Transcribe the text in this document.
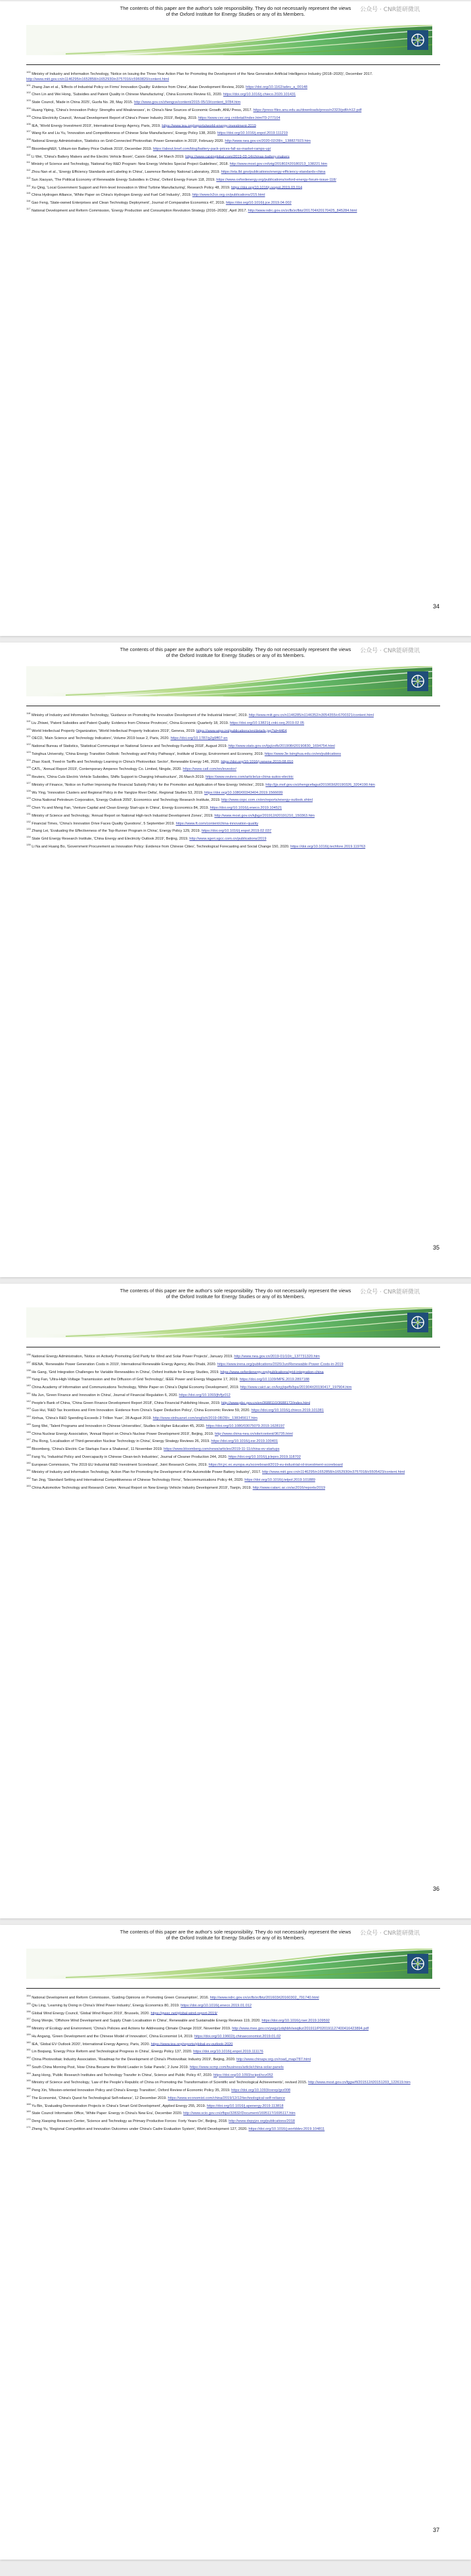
The contents of this paper are the author's sole responsibility. They do not necessarily represent the views
of the Oxford Institute for Energy Studies or any of its Members.
公众号 · CNR能研微讯

$^{100}$ Ministry of Industry and Information Technology, 'Notice on Issuing the Three-Year Action Plan for Promoting the Development of the New Generation Artificial Intelligence Industry (2018–2020)', December 2017. http://www.miit.gov.cn/n1146295/n1652858/n1652930/n3757016/c5960820/content.html

$^{101}$ Zhang Jian et al., 'Effects of Industrial Policy on Firms' Innovation Quality: Evidence from China', Asian Development Review, 2020. https://doi.org/10.1162/adev_a_00148

$^{102}$ Chen Lin and Wei Hong, 'Subsidies and Patent Quality in Chinese Manufacturing', China Economic Review 61, 2020. https://doi.org/10.1016/j.chieco.2020.101431

$^{103}$ State Council, 'Made in China 2025', Guofa No. 28, May 2015. http://www.gov.cn/zhengce/content/2015-05/19/content_9784.htm

$^{104}$ Huang Yiping, 'China's Innovation Policy: Strengths and Weaknesses', in: China's New Sources of Economic Growth, ANU Press, 2017. https://press-files.anu.edu.au/downloads/press/n2323/pdf/ch12.pdf

$^{105}$ China Electricity Council, 'Annual Development Report of China's Power Industry 2019', Beijing, 2019. https://www.cec.org.cn/detail/index.html?3-277104

$^{106}$ IEA, 'World Energy Investment 2019', International Energy Agency, Paris, 2019. https://www.iea.org/reports/world-energy-investment-2019

$^{107}$ Wang Ke and Liu Yu, 'Innovation and Competitiveness of Chinese Solar Manufacturers', Energy Policy 138, 2020. https://doi.org/10.1016/j.enpol.2019.111219

$^{108}$ National Energy Administration, 'Statistics on Grid-Connected Photovoltaic Power Generation in 2019', February 2020. http://www.nea.gov.cn/2020-02/28/c_138827923.htm

$^{109}$ BloombergNEF, 'Lithium-ion Battery Price Outlook 2019', December 2019. https://about.bnef.com/blog/battery-pack-prices-fall-as-market-ramps-up/

$^{110}$ Li Wei, 'China's Battery Makers and the Electric Vehicle Boom', Caixin Global, 14 March 2019. https://www.caixinglobal.com/2019-03-14/chinas-battery-makers

$^{111}$ Ministry of Science and Technology, 'National Key R&D Program: New Energy Vehicles Special Project Guidelines', 2018. http://www.most.gov.cn/tztg/201802/t20180213_138221.htm

$^{112}$ Zhou Nan et al., 'Energy Efficiency Standards and Labeling in China', Lawrence Berkeley National Laboratory, 2019. https://eta.lbl.gov/publications/energy-efficiency-standards-china

$^{113}$ Sun Xiaoyan, 'The Political Economy of Renewable Energy Subsidies in China', Oxford Energy Forum 118, 2019. https://www.oxfordenergy.org/publications/oxford-energy-forum-issue-118/

$^{114}$ Xu Qing, 'Local Government Support and Firm-level Innovation in Wind Turbine Manufacturing', Research Policy 48, 2019. https://doi.org/10.1016/j.respol.2019.03.014

$^{115}$ China Hydrogen Alliance, 'White Paper on China's Hydrogen Energy and Fuel Cell Industry', 2019. http://www.h2cn.org.cn/publications/215.html

$^{116}$ Gao Feng, 'State-owned Enterprises and Clean Technology Deployment', Journal of Comparative Economics 47, 2019. https://doi.org/10.1016/j.jce.2019.04.002

$^{117}$ National Development and Reform Commission, 'Energy Production and Consumption Revolution Strategy (2016–2030)', April 2017. http://www.ndrc.gov.cn/zcfb/zcfbtz/201704/t20170425_845284.html

34
The contents of this paper are the author's sole responsibility. They do not necessarily represent the views
of the Oxford Institute for Energy Studies or any of its Members.
公众号 · CNR能研微讯

$^{118}$ Ministry of Industry and Information Technology, 'Guidance on Promoting the Innovative Development of the Industrial Internet', 2019. http://www.miit.gov.cn/n1146285/n1146352/n3054355/c6700321/content.html

$^{119}$ Liu Zhiwei, 'Patent Subsidies and Patent Quality: Evidence from Chinese Provinces', China Economic Quarterly 18, 2019. https://doi.org/10.13821/j.cnki.ceq.2019.02.05

$^{120}$ World Intellectual Property Organization, 'World Intellectual Property Indicators 2019', Geneva, 2019. https://www.wipo.int/publications/en/details.jsp?id=4464

$^{121}$ OECD, 'Main Science and Technology Indicators', Volume 2019 Issue 2, Paris, 2020. https://doi.org/10.1787/g2g9ff07-en

$^{122}$ National Bureau of Statistics, 'Statistical Communiqué on National Science and Technology Funding 2018', August 2019. http://www.stats.gov.cn/tjsj/zxfb/201908/t20190830_1694754.html

$^{123}$ Tsinghua University, 'China Energy Transition Outlook: Technology and Policy Pathways', Institute of Energy, Environment and Economy, 2019. https://www.3e.tsinghua.edu.cn/en/publications

$^{124}$ Zhao Xiaoli, 'Feed-in Tariffs and Technology Learning in China's Photovoltaic Sector', Renewable Energy 146, 2020. https://doi.org/10.1016/j.renene.2019.08.010

$^{125}$ CATL, 'Annual Report 2019', Contemporary Amperex Technology Co. Limited, Ningde, 2020. https://www.catl.com/en/investor/

$^{126}$ Reuters, 'China Cuts Electric Vehicle Subsidies, Shifts Support to Charging Infrastructure', 26 March 2019. https://www.reuters.com/article/us-china-autos-electric

$^{127}$ Ministry of Finance, 'Notice on Further Improving the Financial Subsidy Policy for the Promotion and Application of New Energy Vehicles', 2019. http://jjs.mof.gov.cn/zhengcefagui/201903/t20190326_3204190.htm

$^{128}$ Wu Ying, 'Innovation Clusters and Regional Policy in the Yangtze River Delta', Regional Studies 53, 2019. https://doi.org/10.1080/00343404.2019.1566699

$^{129}$ China National Petroleum Corporation, 'Energy Outlook 2050', Economics and Technology Research Institute, 2019. http://www.cnpc.com.cn/en/reports/energy-outlook.shtml

$^{130}$ Chen Yu and Meng Fan, 'Venture Capital and Clean Energy Start-ups in China', Energy Economics 84, 2019. https://doi.org/10.1016/j.eneco.2019.104521

$^{131}$ Ministry of Science and Technology, 'Annual Report on National High-tech Industrial Development Zones', 2019. http://www.most.gov.cn/kjbgz/201912/t20191210_150363.htm

$^{132}$ Financial Times, 'China's Innovation Drive Faces Quality Questions', 5 September 2019. https://www.ft.com/content/china-innovation-quality

$^{133}$ Zhang Lei, 'Evaluating the Effectiveness of the Top-Runner Program in China', Energy Policy 129, 2019. https://doi.org/10.1016/j.enpol.2019.02.037

$^{134}$ State Grid Energy Research Institute, 'China Energy and Electricity Outlook 2019', Beijing, 2019. http://www.sgeri.sgcc.com.cn/publications/2019

$^{135}$ Li Na and Huang Bo, 'Government Procurement as Innovation Policy: Evidence from Chinese Cities', Technological Forecasting and Social Change 150, 2020. https://doi.org/10.1016/j.techfore.2019.119763

35
The contents of this paper are the author's sole responsibility. They do not necessarily represent the views
of the Oxford Institute for Energy Studies or any of its Members.
公众号 · CNR能研微讯

$^{136}$ National Energy Administration, 'Notice on Actively Promoting Grid Parity for Wind and Solar Power Projects', January 2019. http://www.nea.gov.cn/2019-01/10/c_137731320.htm

$^{137}$ IRENA, 'Renewable Power Generation Costs in 2019', International Renewable Energy Agency, Abu Dhabi, 2020. https://www.irena.org/publications/2020/Jun/Renewable-Power-Costs-in-2019

$^{138}$ He Gang, 'Grid Integration Challenges for Variable Renewables in China', Oxford Institute for Energy Studies, 2019. https://www.oxfordenergy.org/publications/grid-integration-china

$^{139}$ Yang Fan, 'Ultra-High-Voltage Transmission and the Diffusion of Grid Technology', IEEE Power and Energy Magazine 17, 2019. https://doi.org/10.1109/MPE.2019.2897188

$^{140}$ China Academy of Information and Communications Technology, 'White Paper on China's Digital Economy Development', 2019. http://www.caict.ac.cn/kxyj/qwfb/bps/201904/t20190417_197904.htm

$^{141}$ Ma Jun, 'Green Finance and Innovation in China', Journal of Financial Regulation 6, 2020. https://doi.org/10.1093/jfr/fjz012

$^{142}$ People's Bank of China, 'China Green Finance Development Report 2018', China Financial Publishing House, 2019. http://www.pbc.gov.cn/en/3688110/3688172/index.html

$^{143}$ Guo Hui, 'R&D Tax Incentives and Firm Innovation: Evidence from China's Super Deduction Policy', China Economic Review 59, 2020. https://doi.org/10.1016/j.chieco.2019.101381

$^{144}$ Xinhua, 'China's R&D Spending Exceeds 2 Trillion Yuan', 28 August 2019. http://www.xinhuanet.com/english/2019-08/28/c_138345617.htm

$^{145}$ Song Wei, 'Talent Programs and Innovation in Chinese Universities', Studies in Higher Education 45, 2020. https://doi.org/10.1080/03075079.2019.1628197

$^{146}$ China Nuclear Energy Association, 'Annual Report on China's Nuclear Power Development 2019', Beijing, 2019. http://www.china-nea.cn/site/content/36735.html

$^{147}$ Zhu Rong, 'Localisation of Third-generation Nuclear Technology in China', Energy Strategy Reviews 26, 2019. https://doi.org/10.1016/j.esr.2019.100401

$^{148}$ Bloomberg, 'China's Electric Car Startups Face a Shakeout', 11 November 2019. https://www.bloomberg.com/news/articles/2019-11-11/china-ev-startups

$^{149}$ Fang Yu, 'Industrial Policy and Overcapacity in Chinese Clean-tech Industries', Journal of Cleaner Production 244, 2020. https://doi.org/10.1016/j.jclepro.2019.118702

$^{150}$ European Commission, 'The 2019 EU Industrial R&D Investment Scoreboard', Joint Research Centre, 2019. https://iri.jrc.ec.europa.eu/scoreboard/2019-eu-industrial-rd-investment-scoreboard

$^{151}$ Ministry of Industry and Information Technology, 'Action Plan for Promoting the Development of the Automobile Power Battery Industry', 2017. http://www.miit.gov.cn/n1146295/n1652858/n1652930/n3757018/c5505423/content.html

$^{152}$ Tan Jing, 'Standard Setting and International Competitiveness of Chinese Technology Firms', Telecommunications Policy 44, 2020. https://doi.org/10.1016/j.telpol.2019.101889

$^{153}$ China Automotive Technology and Research Center, 'Annual Report on New Energy Vehicle Industry Development 2019', Tianjin, 2019. http://www.catarc.ac.cn/ac2016/reports/2019

36
The contents of this paper are the author's sole responsibility. They do not necessarily represent the views
of the Oxford Institute for Energy Studies or any of its Members.
公众号 · CNR能研微讯

$^{154}$ National Development and Reform Commission, 'Guiding Opinions on Promoting Green Consumption', 2016. http://www.ndrc.gov.cn/zcfb/zcfbtz/201603/t20160302_791740.html

$^{155}$ Qiu Ling, 'Learning by Doing in China's Wind Power Industry', Energy Economics 80, 2019. https://doi.org/10.1016/j.eneco.2019.01.012

$^{156}$ Global Wind Energy Council, 'Global Wind Report 2019', Brussels, 2020. https://gwec.net/global-wind-report-2019/

$^{157}$ Dong Wenjie, 'Offshore Wind Development and Supply Chain Localisation in China', Renewable and Sustainable Energy Reviews 119, 2020. https://doi.org/10.1016/j.rser.2019.109592

$^{158}$ Ministry of Ecology and Environment, 'China's Policies and Actions for Addressing Climate Change 2019', November 2019. http://www.mee.gov.cn/ywgz/ydqhbh/wsqtkz/201911/P020191127400416423894.pdf

$^{159}$ Hu Angang, 'Green Development and the Chinese Model of Innovation', China Economist 14, 2019. https://doi.org/10.19602/j.chinaeconomist.2019.01.02

$^{160}$ IEA, 'Global EV Outlook 2020', International Energy Agency, Paris, 2020. https://www.iea.org/reports/global-ev-outlook-2020

$^{161}$ Lin Boqiang, 'Energy Price Reform and Technological Progress in China', Energy Policy 137, 2020. https://doi.org/10.1016/j.enpol.2019.111176

$^{162}$ China Photovoltaic Industry Association, 'Roadmap for the Development of China's Photovoltaic Industry 2019', Beijing, 2020. http://www.chinapv.org.cn/road_map/787.html

$^{163}$ South China Morning Post, 'How China Became the World Leader in Solar Panels', 2 June 2019. https://www.scmp.com/business/article/china-solar-panels

$^{164}$ Jiang Hong, 'Public Research Institutes and Technology Transfer in China', Science and Public Policy 47, 2020. https://doi.org/10.1093/scipol/scz052

$^{165}$ Ministry of Science and Technology, 'Law of the People's Republic of China on Promoting the Transformation of Scientific and Technological Achievements', revised 2015. http://www.most.gov.cn/fggw/fl/201512/t20151203_122619.htm

$^{166}$ Peng Xin, 'Mission-oriented Innovation Policy and China's Energy Transition', Oxford Review of Economic Policy 35, 2019. https://doi.org/10.1093/oxrep/grz008

$^{167}$ The Economist, 'China's Quest for Technological Self-reliance', 12 December 2019. https://www.economist.com/china/2019/12/12/technological-self-reliance

$^{168}$ Yu Bin, 'Evaluating Demonstration Projects in China's Smart Grid Development', Applied Energy 255, 2019. https://doi.org/10.1016/j.apenergy.2019.113818

$^{169}$ State Council Information Office, 'White Paper: Energy in China's New Era', December 2020. http://www.scio.gov.cn/zfbps/32832/Document/1695117/1695117.htm

$^{170}$ Deng Xiaoping Research Center, 'Science and Technology as Primary Productive Forces: Forty Years On', Beijing, 2018. http://www.dxpyjzx.org/publications/2018

$^{171}$ Zheng Yu, 'Regional Competition and Innovation Outcomes under China's Cadre Evaluation System', World Development 127, 2020. https://doi.org/10.1016/j.worlddev.2019.104811

37
